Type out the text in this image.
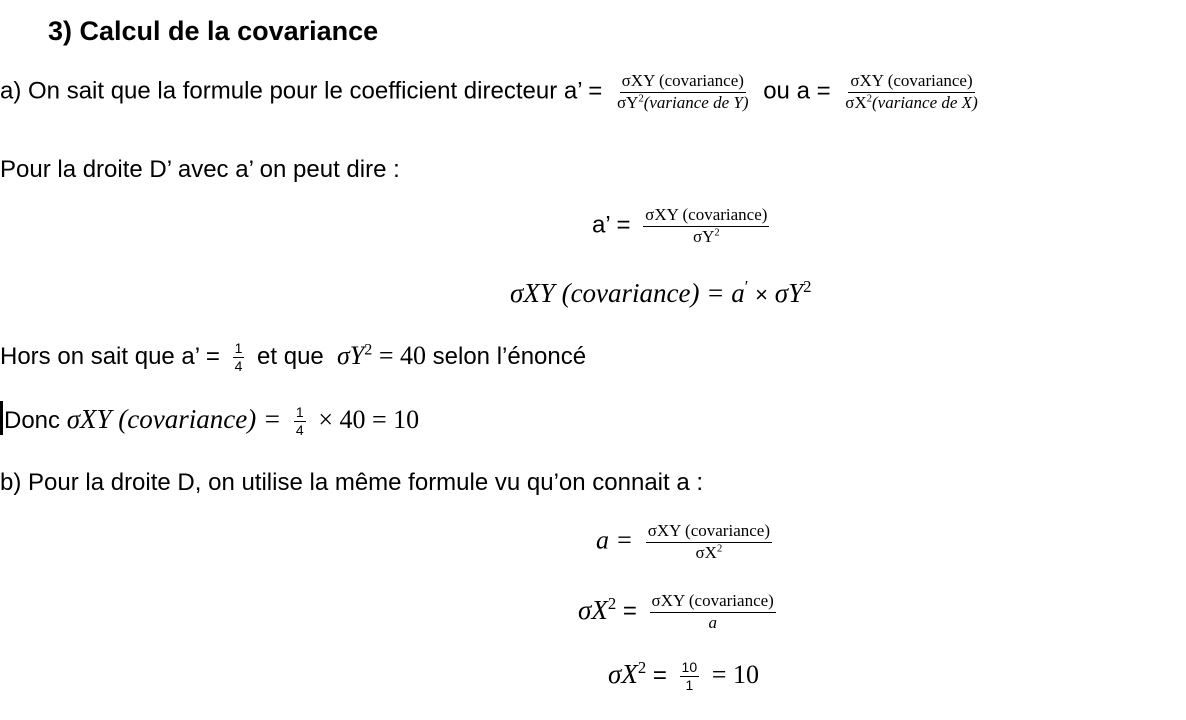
3) Calcul de la covariance
a) On sait que la formule pour le coefficient directeur a’ = $\frac{\text{σXY (covariance)}}{\sigma Y^2(variance de Y)}$ ou $a = \frac{\text{σXY (covariance)}}{\sigma X^2(variance de X)}$
Pour la droite D’ avec a’ on peut dire :
a’ = $\frac{\text{σXY (covariance)}}{\sigma Y^2}$
σXY (covariance) = $a' \times \sigma Y^2$
Hors on sait que a’ = $\frac{1}{4}$ et que $\sigma Y^2 = 40$ selon l’énoncé
Donc σXY (covariance) = $\frac{1}{4} \times 40 = 10$
b) Pour la droite D, on utilise la même formule vu qu’on connait a :
$a = \frac{\text{σXY (covariance)}}{\sigma X^2}$
$\sigma X^2 = \frac{\text{σXY (covariance)}}{a}$
$\sigma X^2 = \frac{10}{1} = 10$
